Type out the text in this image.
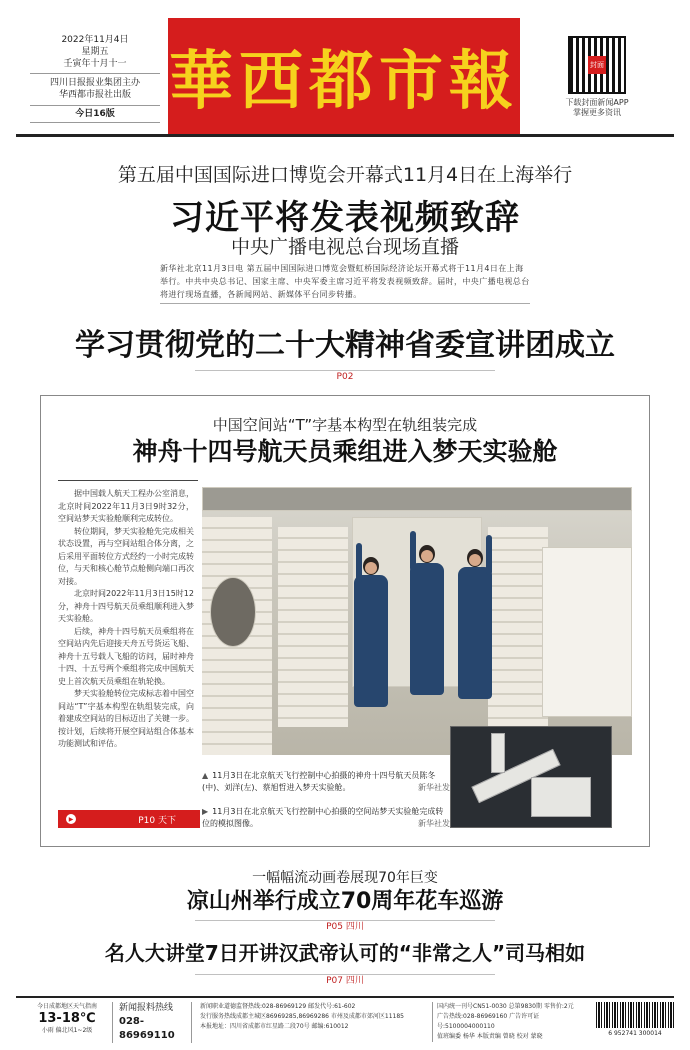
2022年11月4日
星期五
壬寅年十月十一
四川日报报业集团主办
华西都市报社出版
今日16版 華西都市報	封面
下载封面新闻APP
掌握更多资讯
第五届中国国际进口博览会开幕式11月4日在上海举行
习近平将发表视频致辞
中央广播电视总台现场直播
新华社北京11月3日电 第五届中国国际进口博览会暨虹桥国际经济论坛开幕式将于11月4日在上海举行。中共中央总书记、国家主席、中央军委主席习近平将发表视频致辞。届时，中央广播电视总台将进行现场直播，各新闻网站、新媒体平台同步转播。
学习贯彻党的二十大精神省委宣讲团成立
P02
中国空间站“T”字基本构型在轨组装完成
神舟十四号航天员乘组进入梦天实验舱

据中国载人航天工程办公室消息，北京时间2022年11月3日9时32分，空间站梦天实验舱顺利完成转位。

转位期间，梦天实验舱先完成相关状态设置，再与空间站组合体分离，之后采用平面转位方式经约一小时完成转位，与天和核心舱节点舱侧向端口再次对接。

北京时间2022年11月3日15时12分，神舟十四号航天员乘组顺利进入梦天实验舱。

后续，神舟十四号航天员乘组将在空间站内先后迎接天舟五号货运飞船、神舟十五号载人飞船的访问，届时神舟十四、十五号两个乘组将完成中国航天史上首次航天员乘组在轨轮换。

梦天实验舱转位完成标志着中国空间站“T”字基本构型在轨组装完成，向着建成空间站的目标迈出了关键一步。按计划，后续将开展空间站组合体基本功能测试和评估。

▶	P10 天下
▲ 11月3日在北京航天飞行控制中心拍摄的神舟十四号航天员陈冬(中)、刘洋(左)、蔡旭哲进入梦天实验舱。	新华社发
▶ 11月3日在北京航天飞行控制中心拍摄的空间站梦天实验舱完成转位的模拟图像。	新华社发
一幅幅流动画卷展现70年巨变
凉山州举行成立70周年花车巡游
P05 四川
名人大讲堂7日开讲汉武帝认可的“非常之人”司马相如
P07 四川
今日成都地区天气指南
13-18℃
小雨 偏北风1~2级
新闻报料热线
028-86969110
新闻职业道德监督热线:028-86969129 邮发代号:61-602
发行服务热线成都主城区86969285,86969286 市州及成都市郊河区11185
本报地址：四川省成都市红星路二段70号 邮编:610012
国内统一刊号CN51-0030 总第9830期 零售价:2元
广告热线:028-86969160 广告许可证号:5100004000110
值班编委 杨华 本版责编 曾晓 校对 蒙晓	6 952741 300014
